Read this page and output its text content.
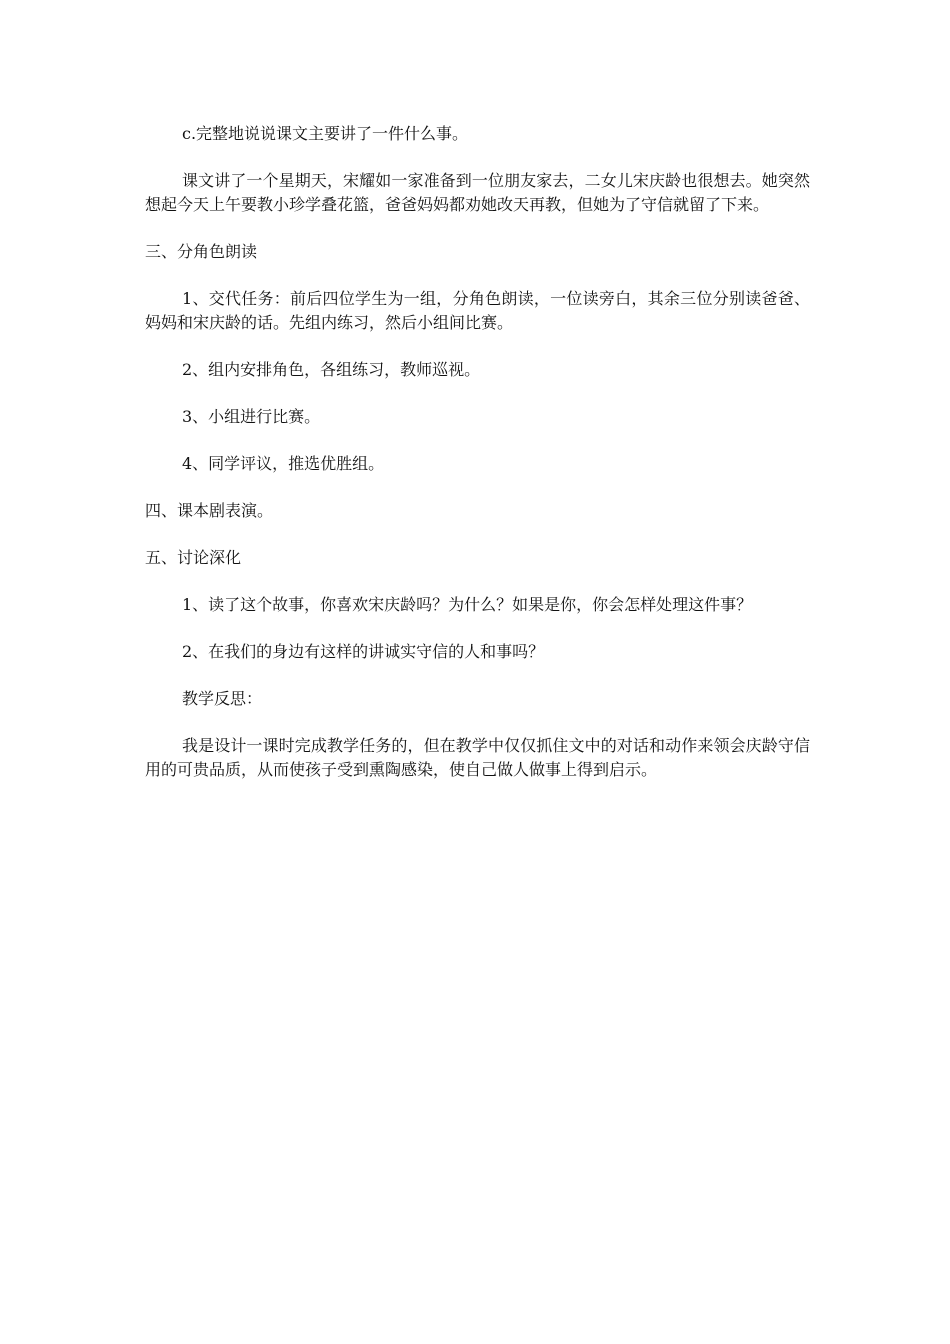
c.完整地说说课文主要讲了一件什么事。

课文讲了一个星期天，宋耀如一家准备到一位朋友家去，二女儿宋庆龄也很想去。她突然想起今天上午要教小珍学叠花篮，爸爸妈妈都劝她改天再教，但她为了守信就留了下来。

三、分角色朗读

1、交代任务：前后四位学生为一组，分角色朗读，一位读旁白，其余三位分别读爸爸、妈妈和宋庆龄的话。先组内练习，然后小组间比赛。

2、组内安排角色，各组练习，教师巡视。

3、小组进行比赛。

4、同学评议，推选优胜组。

四、课本剧表演。

五、讨论深化

1、读了这个故事，你喜欢宋庆龄吗？为什么？如果是你，你会怎样处理这件事？

2、在我们的身边有这样的讲诚实守信的人和事吗？

教学反思：

我是设计一课时完成教学任务的，但在教学中仅仅抓住文中的对话和动作来领会庆龄守信用的可贵品质，从而使孩子受到熏陶感染，使自己做人做事上得到启示。
